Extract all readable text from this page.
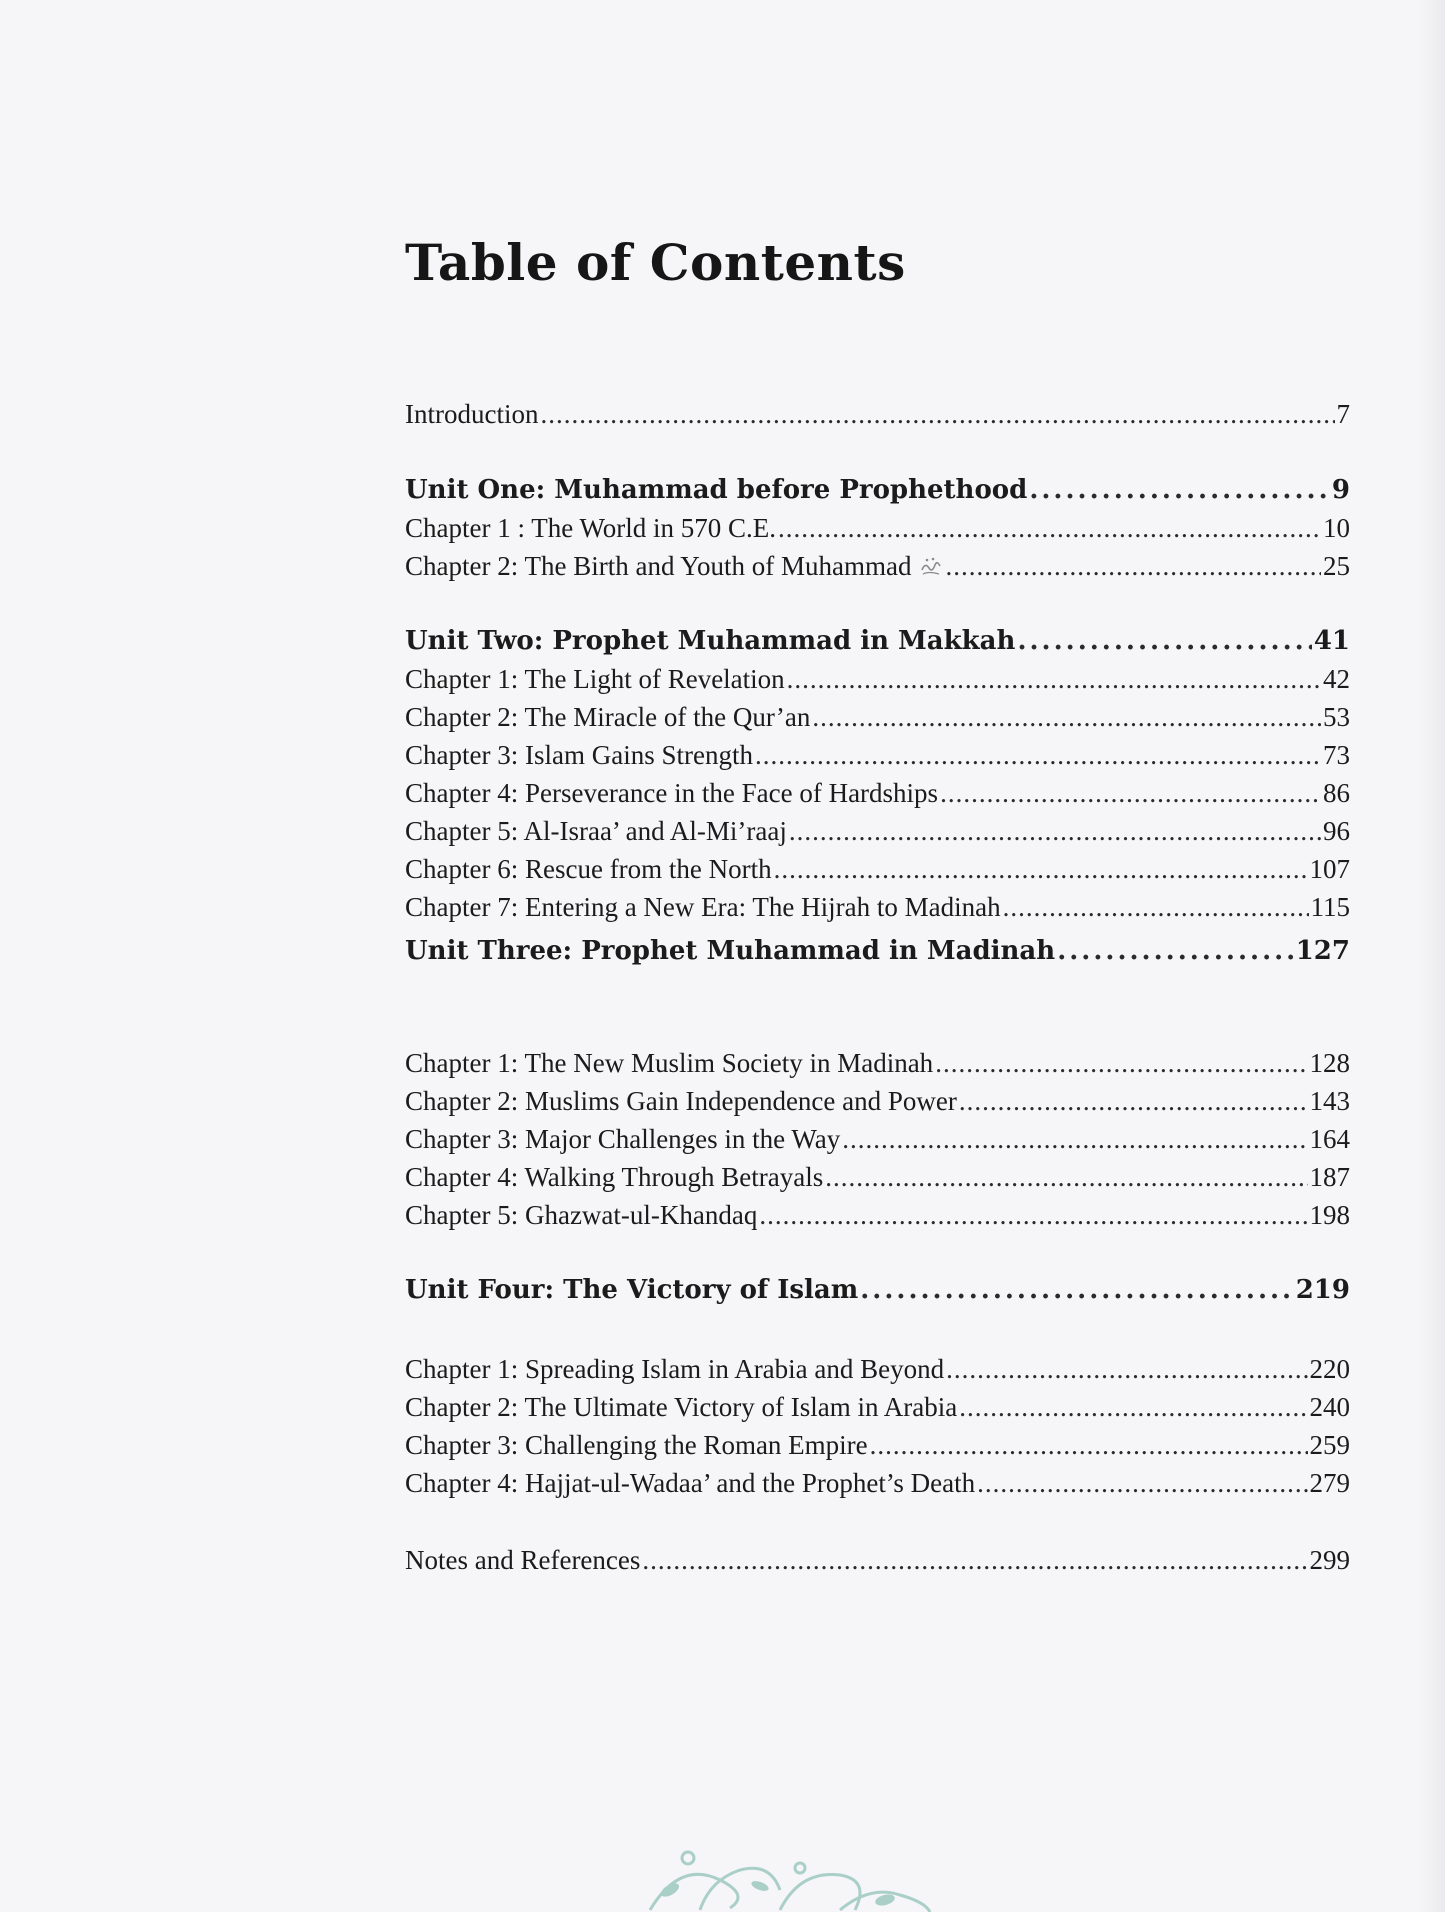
Table of Contents
Introduction .....	7
Unit One: Muhammad before Prophethood .....	9
Chapter 1 : The World in 570 C.E. .....	10
Chapter 2: The Birth and Youth of Muhammad .....	25
Unit Two: Prophet Muhammad in Makkah .....	41
Chapter 1: The Light of Revelation .....	42
Chapter 2: The Miracle of the Qur’an .....	53
Chapter 3: Islam Gains Strength .....	73
Chapter 4: Perseverance in the Face of Hardships .....	86
Chapter 5: Al-Israa’ and Al-Mi’raaj .....	96
Chapter 6: Rescue from the North .....	107
Chapter 7: Entering a New Era: The Hijrah to Madinah .....	115
Unit Three: Prophet Muhammad in Madinah .....	127
Chapter 1: The New Muslim Society in Madinah .....	128
Chapter 2: Muslims Gain Independence and Power .....	143
Chapter 3: Major Challenges in the Way .....	164
Chapter 4: Walking Through Betrayals .....	187
Chapter 5: Ghazwat-ul-Khandaq .....	198
Unit Four: The Victory of Islam .....	219
Chapter 1: Spreading Islam in Arabia and Beyond .....	220
Chapter 2: The Ultimate Victory of Islam in Arabia .....	240
Chapter 3: Challenging the Roman Empire .....	259
Chapter 4: Hajjat-ul-Wadaa’ and the Prophet’s Death .....	279
Notes and References .....	299
